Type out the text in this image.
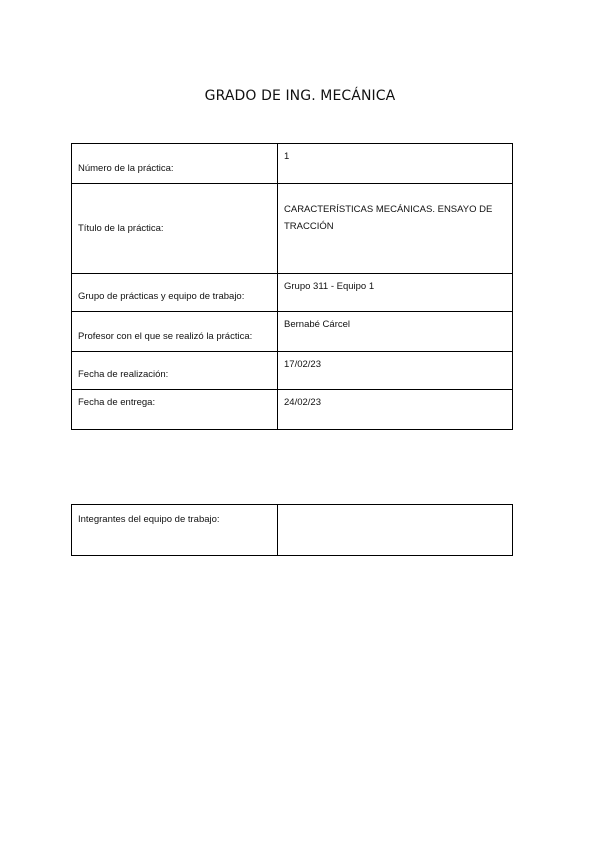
GRADO DE ING. MECÁNICA
Número de la práctica:	1
Título de la práctica:	CARACTERÍSTICAS MECÁNICAS. ENSAYO DE TRACCIÓN
Grupo de prácticas y equipo de trabajo:	Grupo 311 - Equipo 1
Profesor con el que se realizó la práctica:	Bernabé Cárcel
Fecha de realización:	17/02/23
Fecha de entrega:	24/02/23
Integrantes del equipo de trabajo:	
